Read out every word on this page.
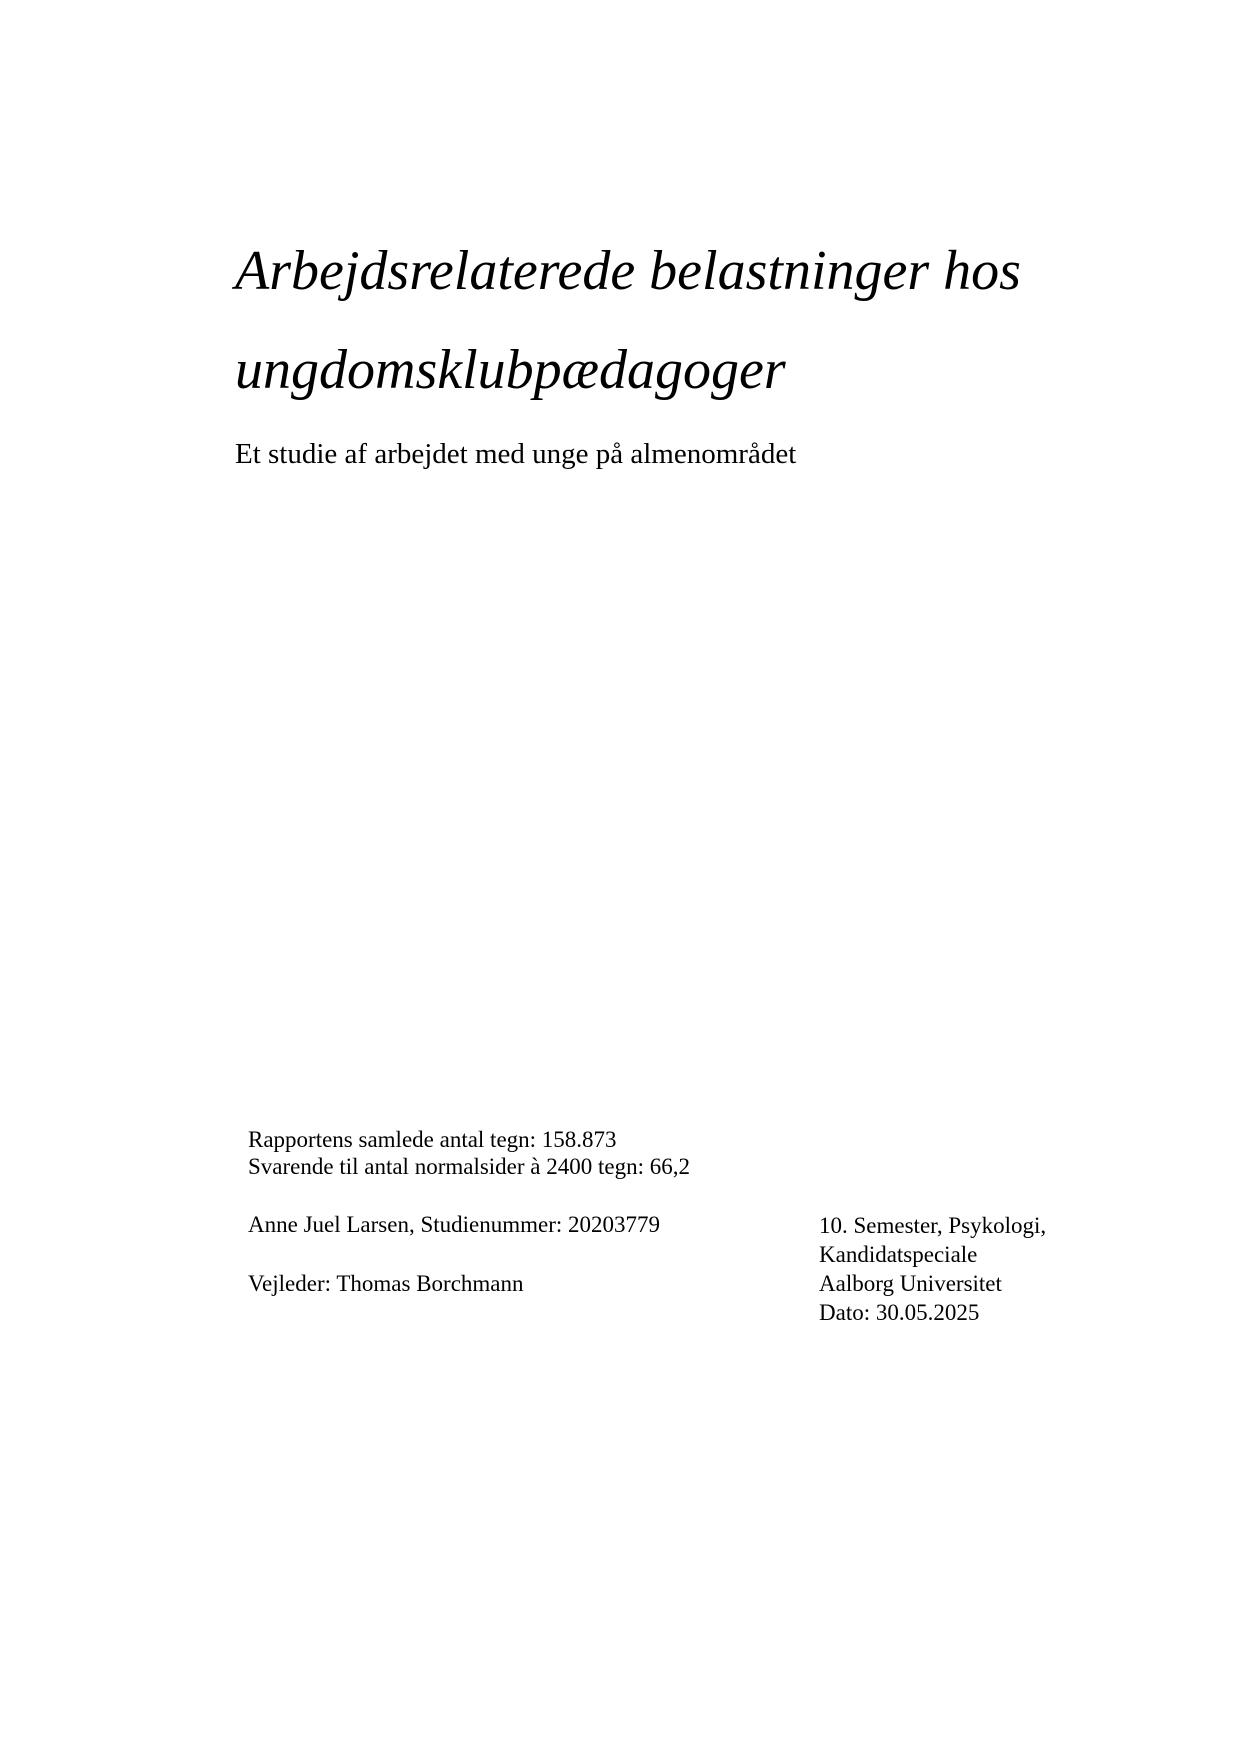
Arbejdsrelaterede belastninger hos
ungdomsklubpædagoger
Et studie af arbejdet med unge på almenområdet
Rapportens samlede antal tegn: 158.873
Svarende til antal normalsider à 2400 tegn: 66,2
Anne Juel Larsen, Studienummer: 20203779
Vejleder: Thomas Borchmann
10. Semester, Psykologi,
Kandidatspeciale
Aalborg Universitet
Dato: 30.05.2025
